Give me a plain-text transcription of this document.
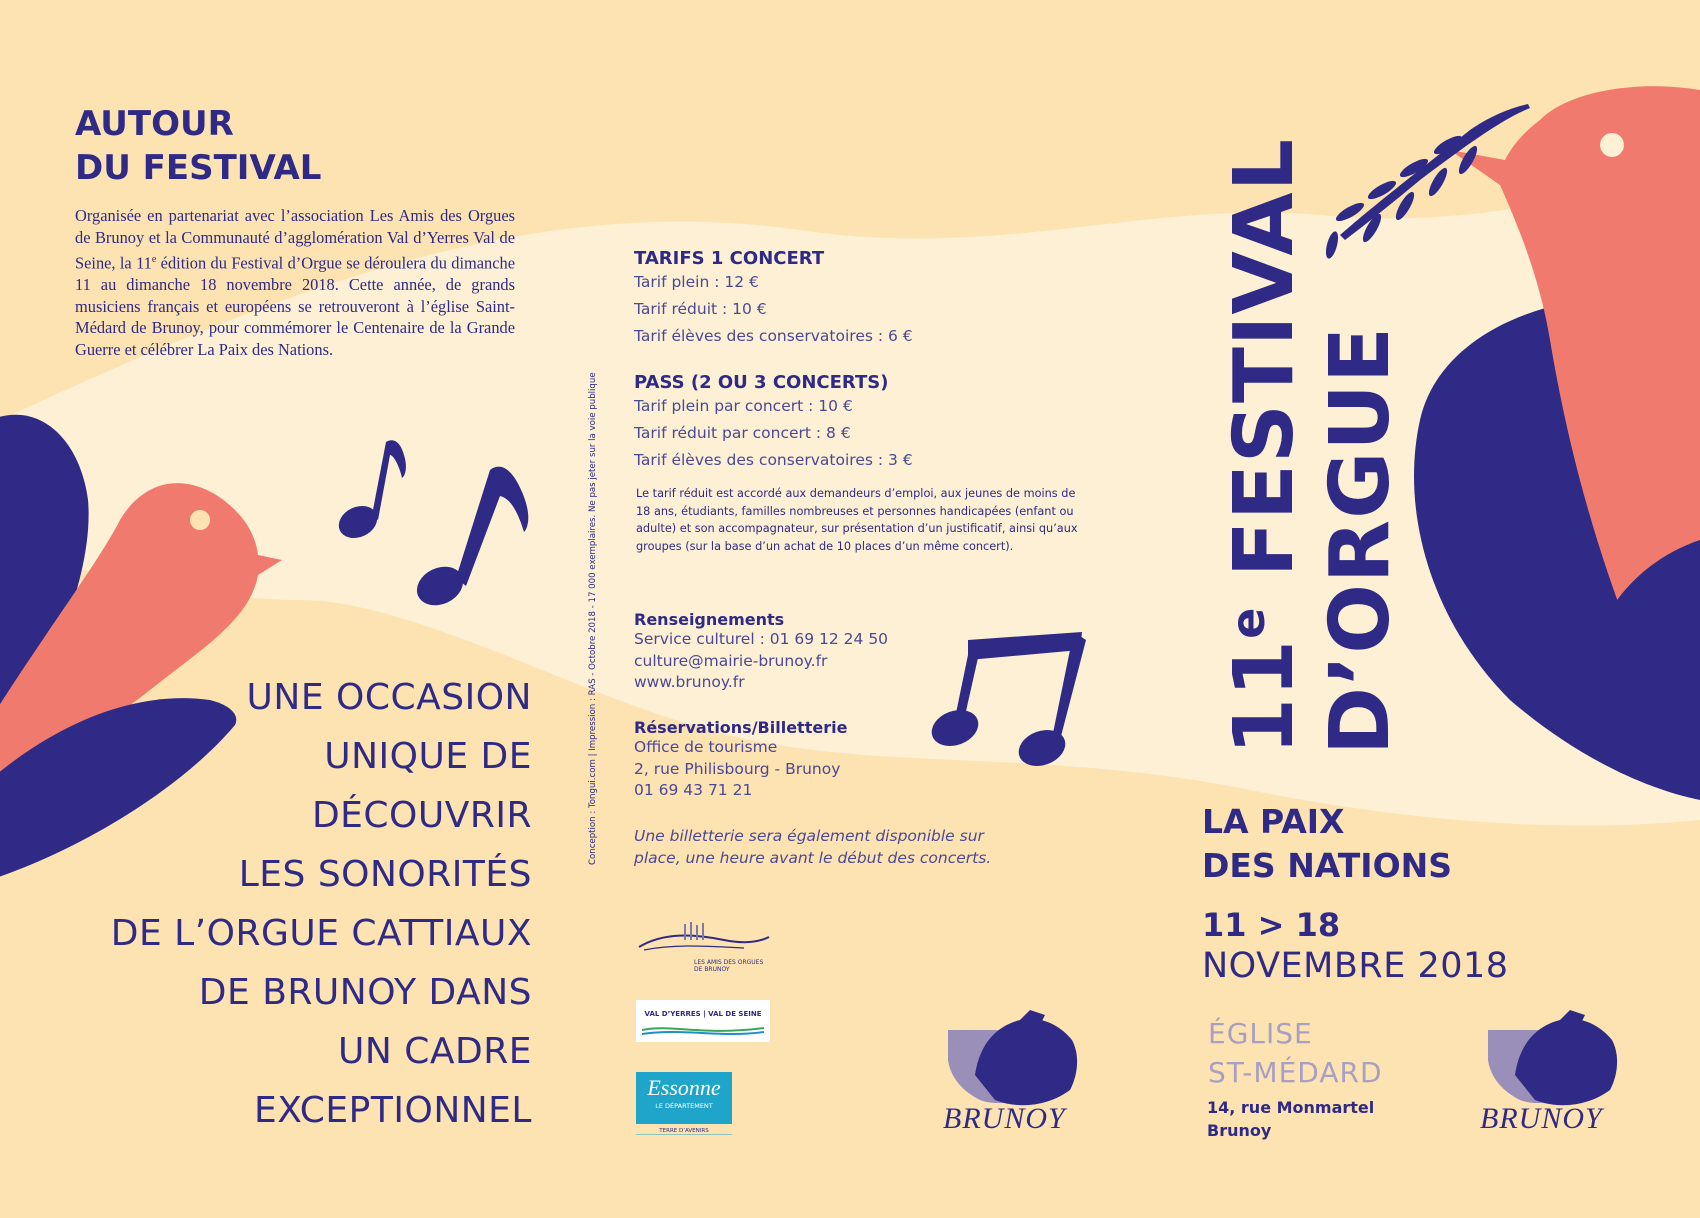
AUTOUR
DU FESTIVAL
Organisée en partenariat avec l’association Les Amis des Orgues de Brunoy et la Communauté d’agglomération Val d’Yerres Val de Seine, la 11e édition du Festival d’Orgue se déroulera du dimanche 11 au dimanche 18 novembre 2018. Cette année, de grands musiciens français et européens se retrouveront à l’église Saint-Médard de Brunoy, pour commémorer le Centenaire de la Grande Guerre et célébrer La Paix des Nations.
UNE OCCASION
UNIQUE DE
DÉCOUVRIR
LES SONORITÉS
DE L’ORGUE CATTIAUX
DE BRUNOY DANS
UN CADRE
EXCEPTIONNEL
Conception : Tongui.com | Impression : RAS - Octobre 2018 - 17 000 exemplaires. Ne pas jeter sur la voie publique
TARIFS 1 CONCERT
Tarif plein : 12 €
Tarif réduit : 10 €
Tarif élèves des conservatoires : 6 €
PASS (2 OU 3 CONCERTS)
Tarif plein par concert : 10 €
Tarif réduit par concert : 8 €
Tarif élèves des conservatoires : 3 €
Le tarif réduit est accordé aux demandeurs d’emploi, aux jeunes de moins de 18 ans, étudiants, familles nombreuses et personnes handicapées (enfant ou adulte) et son accompagnateur, sur présentation d’un justificatif, ainsi qu’aux groupes (sur la base d’un achat de 10 places d’un même concert).
Renseignements
Service culturel : 01 69 12 24 50
culture@mairie-brunoy.fr
www.brunoy.fr
Réservations/Billetterie
Office de tourisme
2, rue Philisbourg - Brunoy
01 69 43 71 21
Une billetterie sera également disponible sur place, une heure avant le début des concerts.
LES AMIS DES ORGUES DE BRUNOY
VAL D’YERRES | VAL DE SEINE
Essonne
LE DÉPARTEMENT
TERRE D’AVENIRS	BRUNOY
11e FESTIVAL D’ORGUE
LA PAIX
DES NATIONS
11 > 18
NOVEMBRE 2018
ÉGLISE
ST-MÉDARD
14, rue Monmartel
Brunoy	BRUNOY
